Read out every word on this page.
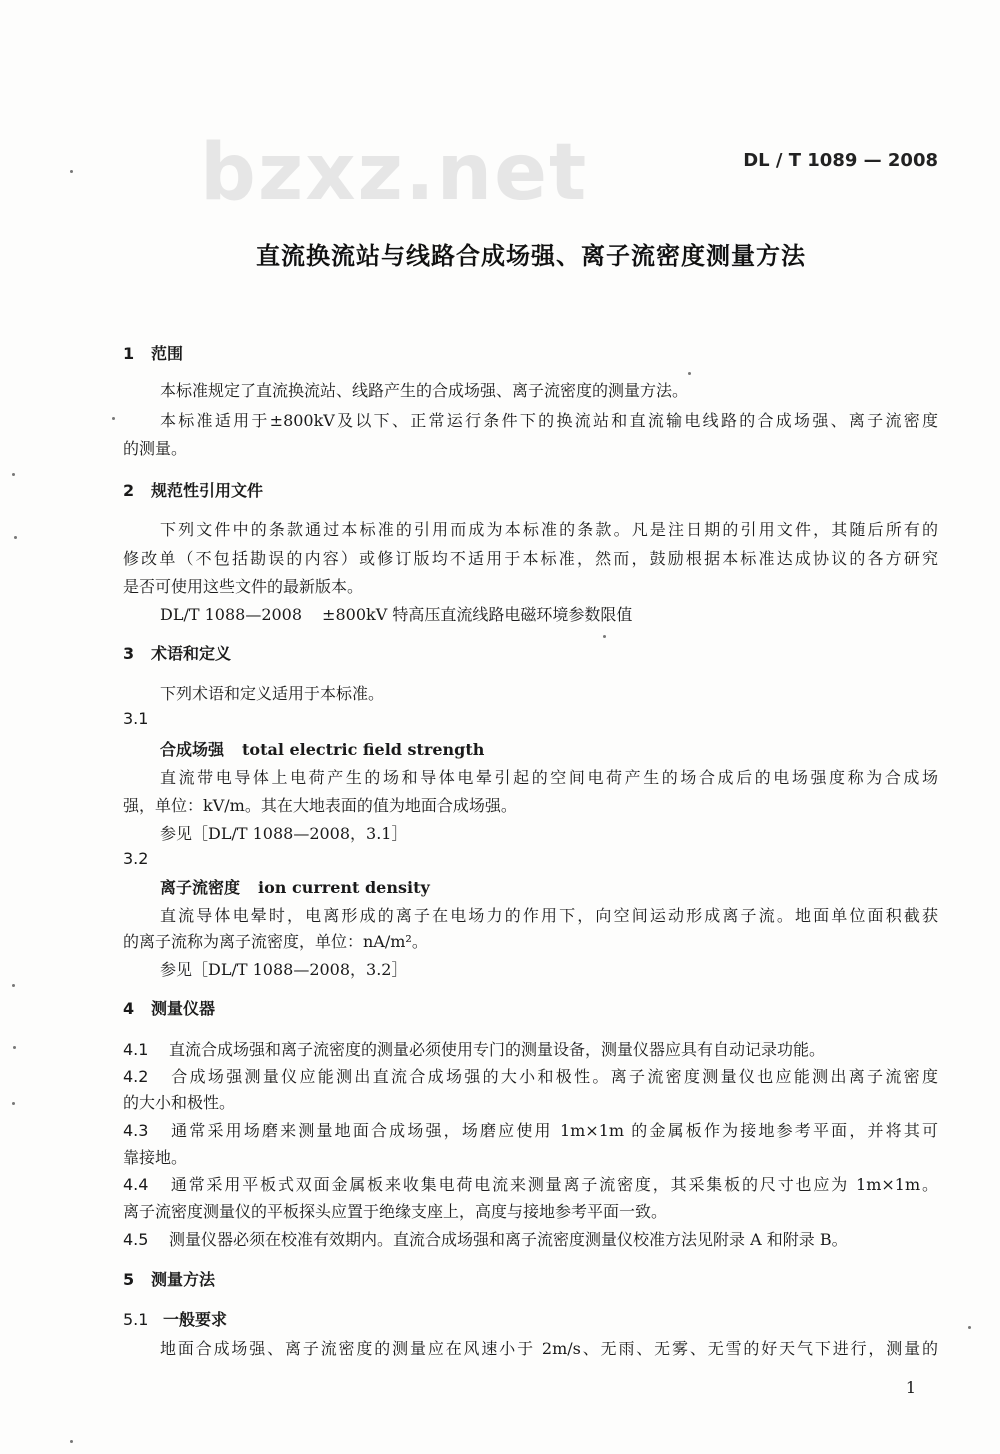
bzxz.net	DL / T 1089 — 2008
直流换流站与线路合成场强、离子流密度测量方法
1 范围
本标准规定了直流换流站、线路产生的合成场强、离子流密度的测量方法。
本标准适用于±800kV及以下、正常运行条件下的换流站和直流输电线路的合成场强、离子流密度
的测量。
2 规范性引用文件
下列文件中的条款通过本标准的引用而成为本标准的条款。凡是注日期的引用文件，其随后所有的
修改单（不包括勘误的内容）或修订版均不适用于本标准，然而，鼓励根据本标准达成协议的各方研究
是否可使用这些文件的最新版本。
DL/T 1088—2008 ±800kV 特高压直流线路电磁环境参数限值
3 术语和定义
下列术语和定义适用于本标准。
3.1
合成场强 total electric field strength
直流带电导体上电荷产生的场和导体电晕引起的空间电荷产生的场合成后的电场强度称为合成场
强，单位：kV/m。其在大地表面的值为地面合成场强。
参见［DL/T 1088—2008，3.1］
3.2
离子流密度 ion current density
直流导体电晕时，电离形成的离子在电场力的作用下，向空间运动形成离子流。地面单位面积截获
的离子流称为离子流密度，单位：nA/m²。
参见［DL/T 1088—2008，3.2］
4 测量仪器
4.1 直流合成场强和离子流密度的测量必须使用专门的测量设备，测量仪器应具有自动记录功能。
4.2 合成场强测量仪应能测出直流合成场强的大小和极性。离子流密度测量仪也应能测出离子流密度
的大小和极性。
4.3 通常采用场磨来测量地面合成场强，场磨应使用 1m×1m 的金属板作为接地参考平面，并将其可
靠接地。
4.4 通常采用平板式双面金属板来收集电荷电流来测量离子流密度，其采集板的尺寸也应为 1m×1m。
离子流密度测量仪的平板探头应置于绝缘支座上，高度与接地参考平面一致。
4.5 测量仪器必须在校准有效期内。直流合成场强和离子流密度测量仪校准方法见附录 A 和附录 B。
5 测量方法
5.1 一般要求
地面合成场强、离子流密度的测量应在风速小于 2m/s、无雨、无雾、无雪的好天气下进行，测量的
1
